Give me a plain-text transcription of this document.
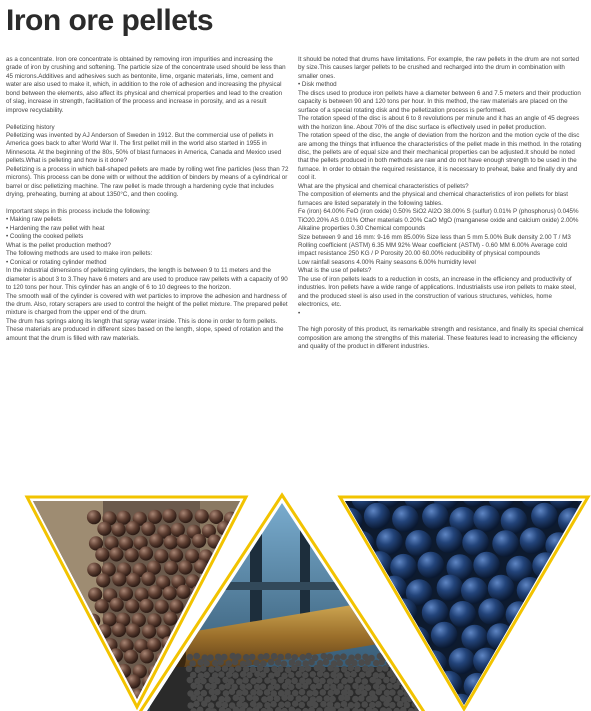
Iron ore pellets

as a concentrate. Iron ore concentrate is obtained by removing iron impurities and increasing the grade of iron by crushing and softening. The particle size of the concentrate used should be less than 45 microns.Additives and adhesives such as bentonite, lime, organic materials, lime, cement and water are also used to make it, which, in addition to the role of adhesion and increasing the physical bond between the elements, also affect its physical and chemical properties and lead to the creation of slag, increase in strength, facilitation of the process and increase in porosity, and as a result improve recyclability.

Pelletizing history

Pelletizing was invented by AJ Anderson of Sweden in 1912. But the commercial use of pellets in America goes back to after World War II. The first pellet mill in the world also started in 1955 in Minnesota. At the beginning of the 80s, 50% of blast furnaces in America, Canada and Mexico used pellets.What is pelleting and how is it done?

Pelletizing is a process in which ball-shaped pellets are made by rolling wet fine particles (less than 72 microns). This process can be done with or without the addition of binders by means of a cylindrical or barrel or disc pelletizing machine. The raw pellet is made through a hardening cycle that includes drying, preheating, burning at about 1350°C, and then cooling.

Important steps in this process include the following:

• Making raw pellets

• Hardening the raw pellet with heat

• Cooling the cooked pellets

What is the pellet production method?

The following methods are used to make iron pellets:

• Conical or rotating cylinder method

In the industrial dimensions of pelletizing cylinders, the length is between 9 to 11 meters and the diameter is about 3 to 3.They have 6 meters and are used to produce raw pellets with a capacity of 90 to 120 tons per hour. This cylinder has an angle of 6 to 10 degrees to the horizon.

The smooth wall of the cylinder is covered with wet particles to improve the adhesion and hardness of the drum. Also, rotary scrapers are used to control the height of the pellet mixture. The prepared pellet mixture is charged from the upper end of the drum.

The drum has springs along its length that spray water inside. This is done in order to form pellets. These materials are produced in different sizes based on the length, slope, speed of rotation and the amount that the drum is filled with raw materials.

It should be noted that drums have limitations. For example, the raw pellets in the drum are not sorted by size.This causes larger pellets to be crushed and recharged into the drum in combination with smaller ones.

• Disk method

The discs used to produce iron pellets have a diameter between 6 and 7.5 meters and their production capacity is between 90 and 120 tons per hour. In this method, the raw materials are placed on the surface of a special rotating disk and the pelletization process is performed.

The rotation speed of the disc is about 6 to 8 revolutions per minute and it has an angle of 45 degrees with the horizon line. About 70% of the disc surface is effectively used in pellet production.

The rotation speed of the disc, the angle of deviation from the horizon and the motion cycle of the disc are among the things that influence the characteristics of the pellet made in this method. In the rotating disc, the pellets are of equal size and their mechanical properties can be adjusted.It should be noted that the pellets produced in both methods are raw and do not have enough strength to be used in the furnace. In order to obtain the required resistance, it is necessary to preheat, bake and finally dry and cool it.

What are the physical and chemical characteristics of pellets?

The composition of elements and the physical and chemical characteristics of iron pellets for blast furnaces are listed separately in the following tables.

Fe (iron) 64.00% FeO (iron oxide) 0.50% SiO2 Al2O 38.00% S (sulfur) 0.01% P (phosphorus) 0.045% TiO20.20% AS 0.01% Other materials 0.20% CaO MgO (manganese oxide and calcium oxide) 2.00% Alkaline properties 0.30 Chemical compounds

Size between 9 and 16 mm: 9-16 mm 85.00% Size less than 5 mm 5.00% Bulk density 2.00 T / M3 Rolling coefficient (ASTM) 6.35 MM 92% Wear coefficient (ASTM) - 0.60 MM 6.00% Average cold impact resistance 250 KG / P Porosity 20.00 60.00% reducibility of physical compounds

Low rainfall seasons 4.00% Rainy seasons 6.00% humidity level

What is the use of pellets?

The use of iron pellets leads to a reduction in costs, an increase in the efficiency and productivity of industries. Iron pellets have a wide range of applications. Industrialists use iron pellets to make steel, and the produced steel is also used in the construction of various structures, vehicles, home electronics, etc.

•

The high porosity of this product, its remarkable strength and resistance, and finally its special chemical composition are among the strengths of this material. These features lead to increasing the efficiency and quality of the product in different industries.
